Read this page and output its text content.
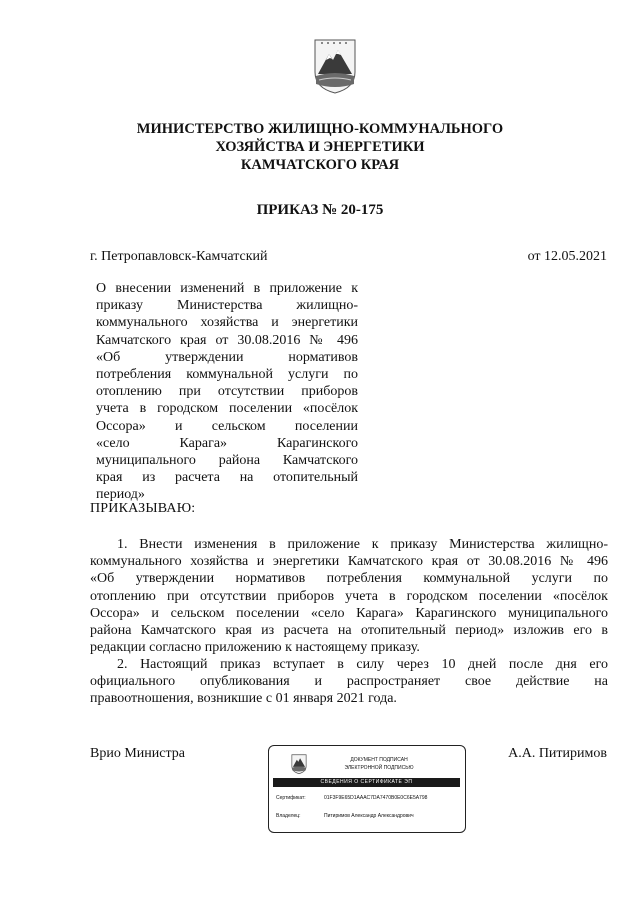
МИНИСТЕРСТВО ЖИЛИЩНО-КОММУНАЛЬНОГО
ХОЗЯЙСТВА И ЭНЕРГЕТИКИ
КАМЧАТСКОГО КРАЯ
ПРИКАЗ № 20-175
г. Петропавловск-Камчатский	от 12.05.2021
О внесении изменений в приложение к
приказу Министерства жилищно-
коммунального хозяйства и энергетики
Камчатского края от 30.08.2016 № 496
«Об утверждении нормативов
потребления коммунальной услуги по
отоплению при отсутствии приборов
учета в городском поселении «посёлок
Оссора» и сельском поселении
«село Карага» Карагинского
муниципального района Камчатского
края из расчета на отопительный
период»
ПРИКАЗЫВАЮ:
1. Внести изменения в приложение к приказу Министерства жилищно-
коммунального хозяйства и энергетики Камчатского края от 30.08.2016 № 496
«Об утверждении нормативов потребления коммунальной услуги по
отоплению при отсутствии приборов учета в городском поселении «посёлок
Оссора» и сельском поселении «село Карага» Карагинского муниципального
района Камчатского края из расчета на отопительный период» изложив его в
редакции согласно приложению к настоящему приказу.
2. Настоящий приказ вступает в силу через 10 дней после дня его
официального опубликования и распространяет свое действие на
правоотношения, возникшие с 01 января 2021 года.
Врио Министра	А.А. Питиримов
ДОКУМЕНТ ПОДПИСАН
ЭЛЕКТРОННОЙ ПОДПИСЬЮ
СВЕДЕНИЯ О СЕРТИФИКАТЕ ЭП
Сертификат:	01F3F9E65D1AAAC7DA7470B0E0C6E5A798
Владелец:	Питиримов Александр Александрович
